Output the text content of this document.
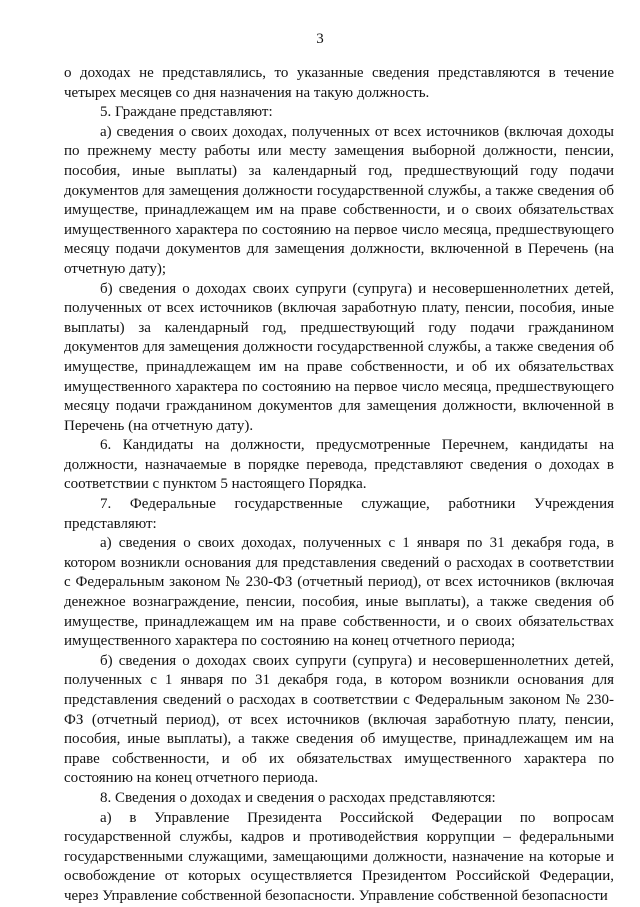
3

о доходах не представлялись, то указанные сведения представляются в течение четырех месяцев со дня назначения на такую должность.

5. Граждане представляют:

а) сведения о своих доходах, полученных от всех источников (включая доходы по прежнему месту работы или месту замещения выборной должности, пенсии, пособия, иные выплаты) за календарный год, предшествующий году подачи документов для замещения должности государственной службы, а также сведения об имуществе, принадлежащем им на праве собственности, и о своих обязательствах имущественного характера по состоянию на первое число месяца, предшествующего месяцу подачи документов для замещения должности, включенной в Перечень (на отчетную дату);

б) сведения о доходах своих супруги (супруга) и несовершеннолетних детей, полученных от всех источников (включая заработную плату, пенсии, пособия, иные выплаты) за календарный год, предшествующий году подачи гражданином документов для замещения должности государственной службы, а также сведения об имуществе, принадлежащем им на праве собственности, и об их обязательствах имущественного характера по состоянию на первое число месяца, предшествующего месяцу подачи гражданином документов для замещения должности, включенной в Перечень (на отчетную дату).

6. Кандидаты на должности, предусмотренные Перечнем, кандидаты на должности, назначаемые в порядке перевода, представляют сведения о доходах в соответствии с пунктом 5 настоящего Порядка.

7. Федеральные государственные служащие, работники Учреждения представляют:

а) сведения о своих доходах, полученных с 1 января по 31 декабря года, в котором возникли основания для представления сведений о расходах в соответствии с Федеральным законом № 230-ФЗ (отчетный период), от всех источников (включая денежное вознаграждение, пенсии, пособия, иные выплаты), а также сведения об имуществе, принадлежащем им на праве собственности, и о своих обязательствах имущественного характера по состоянию на конец отчетного периода;

б) сведения о доходах своих супруги (супруга) и несовершеннолетних детей, полученных с 1 января по 31 декабря года, в котором возникли основания для представления сведений о расходах в соответствии с Федеральным законом № 230-ФЗ (отчетный период), от всех источников (включая заработную плату, пенсии, пособия, иные выплаты), а также сведения об имуществе, принадлежащем им на праве собственности, и об их обязательствах имущественного характера по состоянию на конец отчетного периода.

8. Сведения о доходах и сведения о расходах представляются:

а) в Управление Президента Российской Федерации по вопросам государственной службы, кадров и противодействия коррупции – федеральными государственными служащими, замещающими должности, назначение на которые и освобождение от которых осуществляется Президентом Российской Федерации, через Управление собственной безопасности. Управление собственной безопасности
